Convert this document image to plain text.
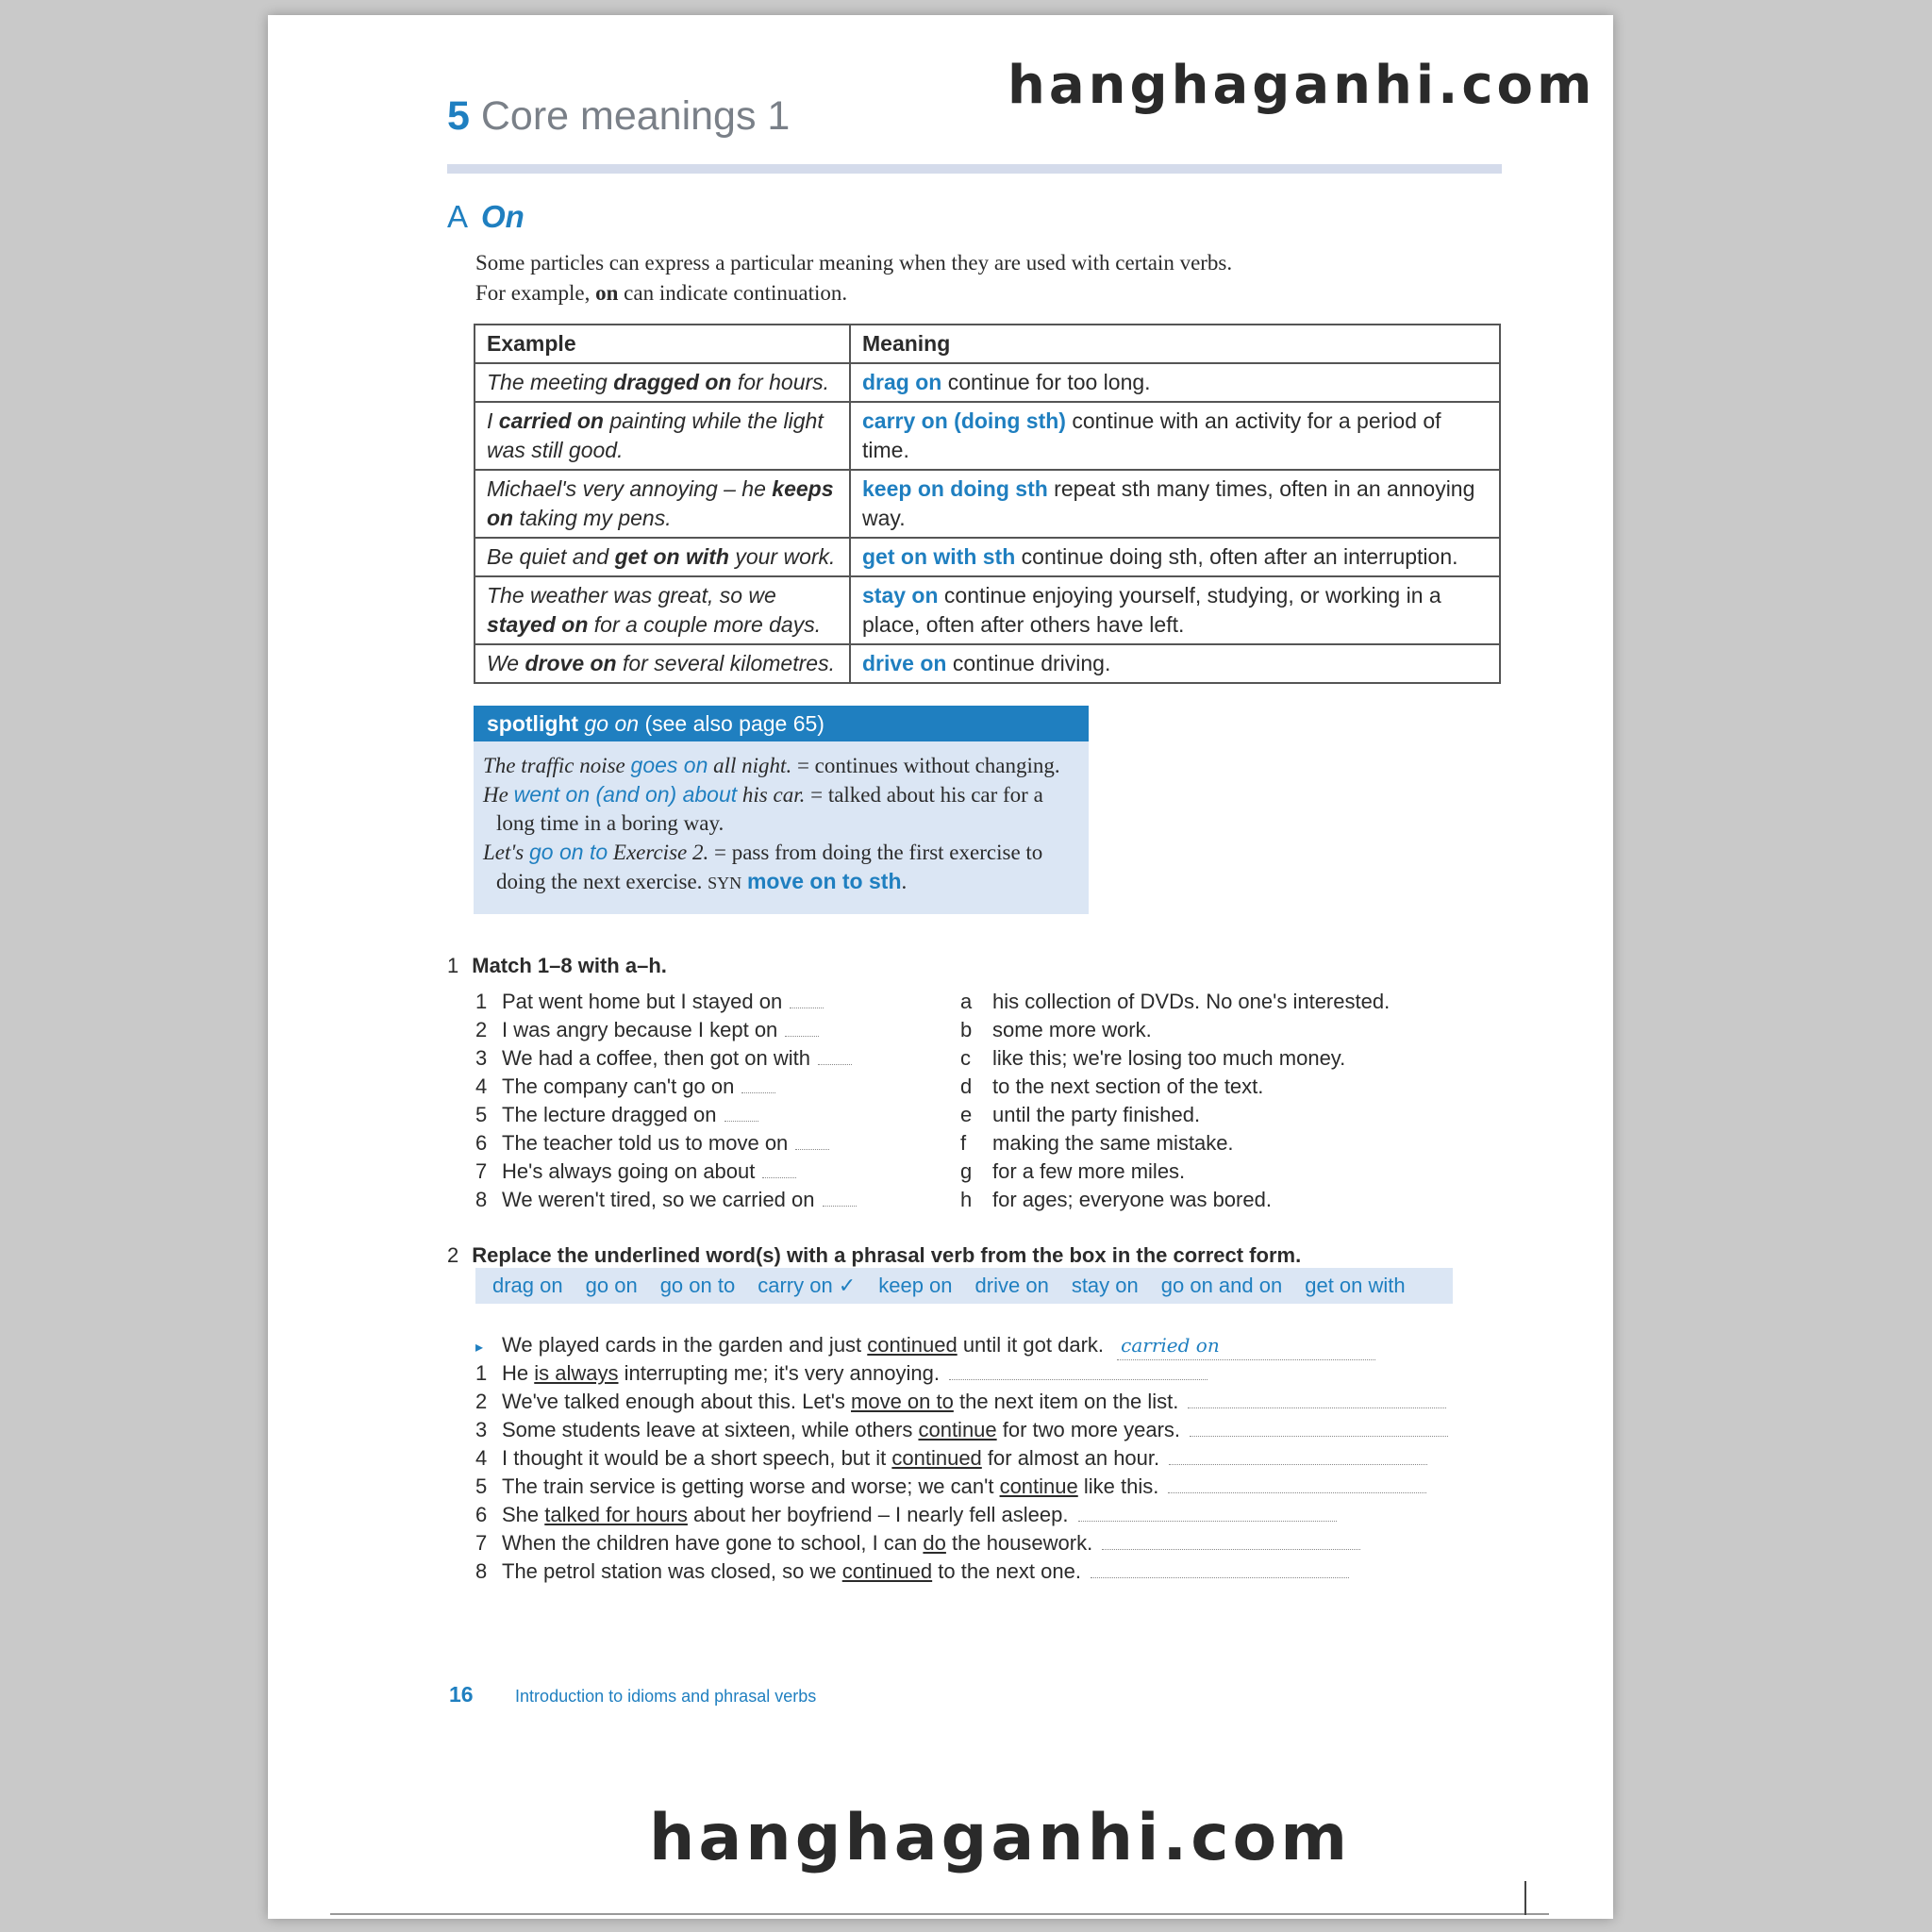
5 Core meanings 1
A On
Some particles can express a particular meaning when they are used with certain verbs.
For example, on can indicate continuation.
Example	Meaning
The meeting dragged on for hours.	drag on continue for too long.
I carried on painting while the light was still good.	carry on (doing sth) continue with an activity for a period of time.
Michael's very annoying – he keeps on taking my pens.	keep on doing sth repeat sth many times, often in an annoying way.
Be quiet and get on with your work.	get on with sth continue doing sth, often after an interruption.
The weather was great, so we stayed on for a couple more days.	stay on continue enjoying yourself, studying, or working in a place, often after others have left.
We drove on for several kilometres.	drive on continue driving.
spotlight go on (see also page 65)
The traffic noise goes on all night. = continues without changing.
He went on (and on) about his car. = talked about his car for a
long time in a boring way.
Let's go on to Exercise 2. = pass from doing the first exercise to
doing the next exercise. SYN move on to sth.
1 Match 1–8 with a–h.
1 Pat went home but I stayed on
2 I was angry because I kept on
3 We had a coffee, then got on with
4 The company can't go on
5 The lecture dragged on
6 The teacher told us to move on
7 He's always going on about
8 We weren't tired, so we carried on
a his collection of DVDs. No one's interested.
b some more work.
c like this; we're losing too much money.
d to the next section of the text.
e until the party finished.
f making the same mistake.
g for a few more miles.
h for ages; everyone was bored.
2 Replace the underlined word(s) with a phrasal verb from the box in the correct form.
drag on go on go on to carry on ✓ keep on drive on stay on go on and on get on with
▸ We played cards in the garden and just continued until it got dark. carried on
1 He is always interrupting me; it's very annoying.
2 We've talked enough about this. Let's move on to the next item on the list.
3 Some students leave at sixteen, while others continue for two more years.
4 I thought it would be a short speech, but it continued for almost an hour.
5 The train service is getting worse and worse; we can't continue like this.
6 She talked for hours about her boyfriend – I nearly fell asleep.
7 When the children have gone to school, I can do the housework.
8 The petrol station was closed, so we continued to the next one.
16 Introduction to idioms and phrasal verbs
hanghaganhi.com
hanghaganhi.com
